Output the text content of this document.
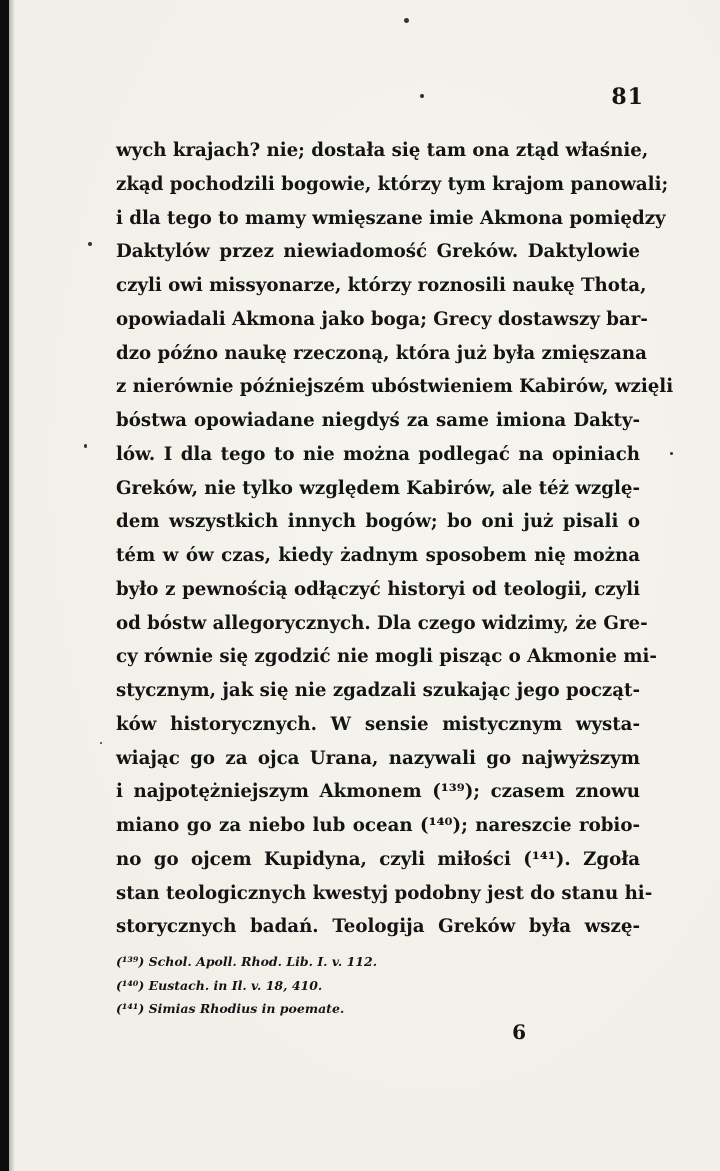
81
wych krajach? nie; dostała się tam ona ztąd właśnie,
zkąd pochodzili bogowie, którzy tym krajom panowali;
i dla tego to mamy wmięszane imie Akmona pomiędzy
Daktylów przez niewiadomość Greków. Daktylowie
czyli owi missyonarze, którzy roznosili naukę Thota,
opowiadali Akmona jako boga; Grecy dostawszy bar-
dzo późno naukę rzeczoną, która już była zmięszana
z nierównie późniejszém ubóstwieniem Kabirów, wzięli
bóstwa opowiadane niegdyś za same imiona Dakty-
lów. I dla tego to nie można podlegać na opiniach
Greków, nie tylko względem Kabirów, ale téż wzglę-
dem wszystkich innych bogów; bo oni już pisali o
tém w ów czas, kiedy żadnym sposobem nię można
było z pewnością odłączyć historyi od teologii, czyli
od bóstw allegorycznych. Dla czego widzimy, że Gre-
cy równie się zgodzić nie mogli pisząc o Akmonie mi-
stycznym, jak się nie zgadzali szukając jego począt-
ków historycznych. W sensie mistycznym wysta-
wiając go za ojca Urana, nazywali go najwyższym
i najpotężniejszym Akmonem (¹³⁹); czasem znowu
miano go za niebo lub ocean (¹⁴⁰); nareszcie robio-
no go ojcem Kupidyna, czyli miłości (¹⁴¹). Zgoła
stan teologicznych kwestyj podobny jest do stanu hi-
storycznych badań. Teologija Greków była wszę-
(¹³⁹) Schol. Apoll. Rhod. Lib. I. v. 112.
(¹⁴⁰) Eustach. in Il. v. 18, 410.
(¹⁴¹) Simias Rhodius in poemate.
6
